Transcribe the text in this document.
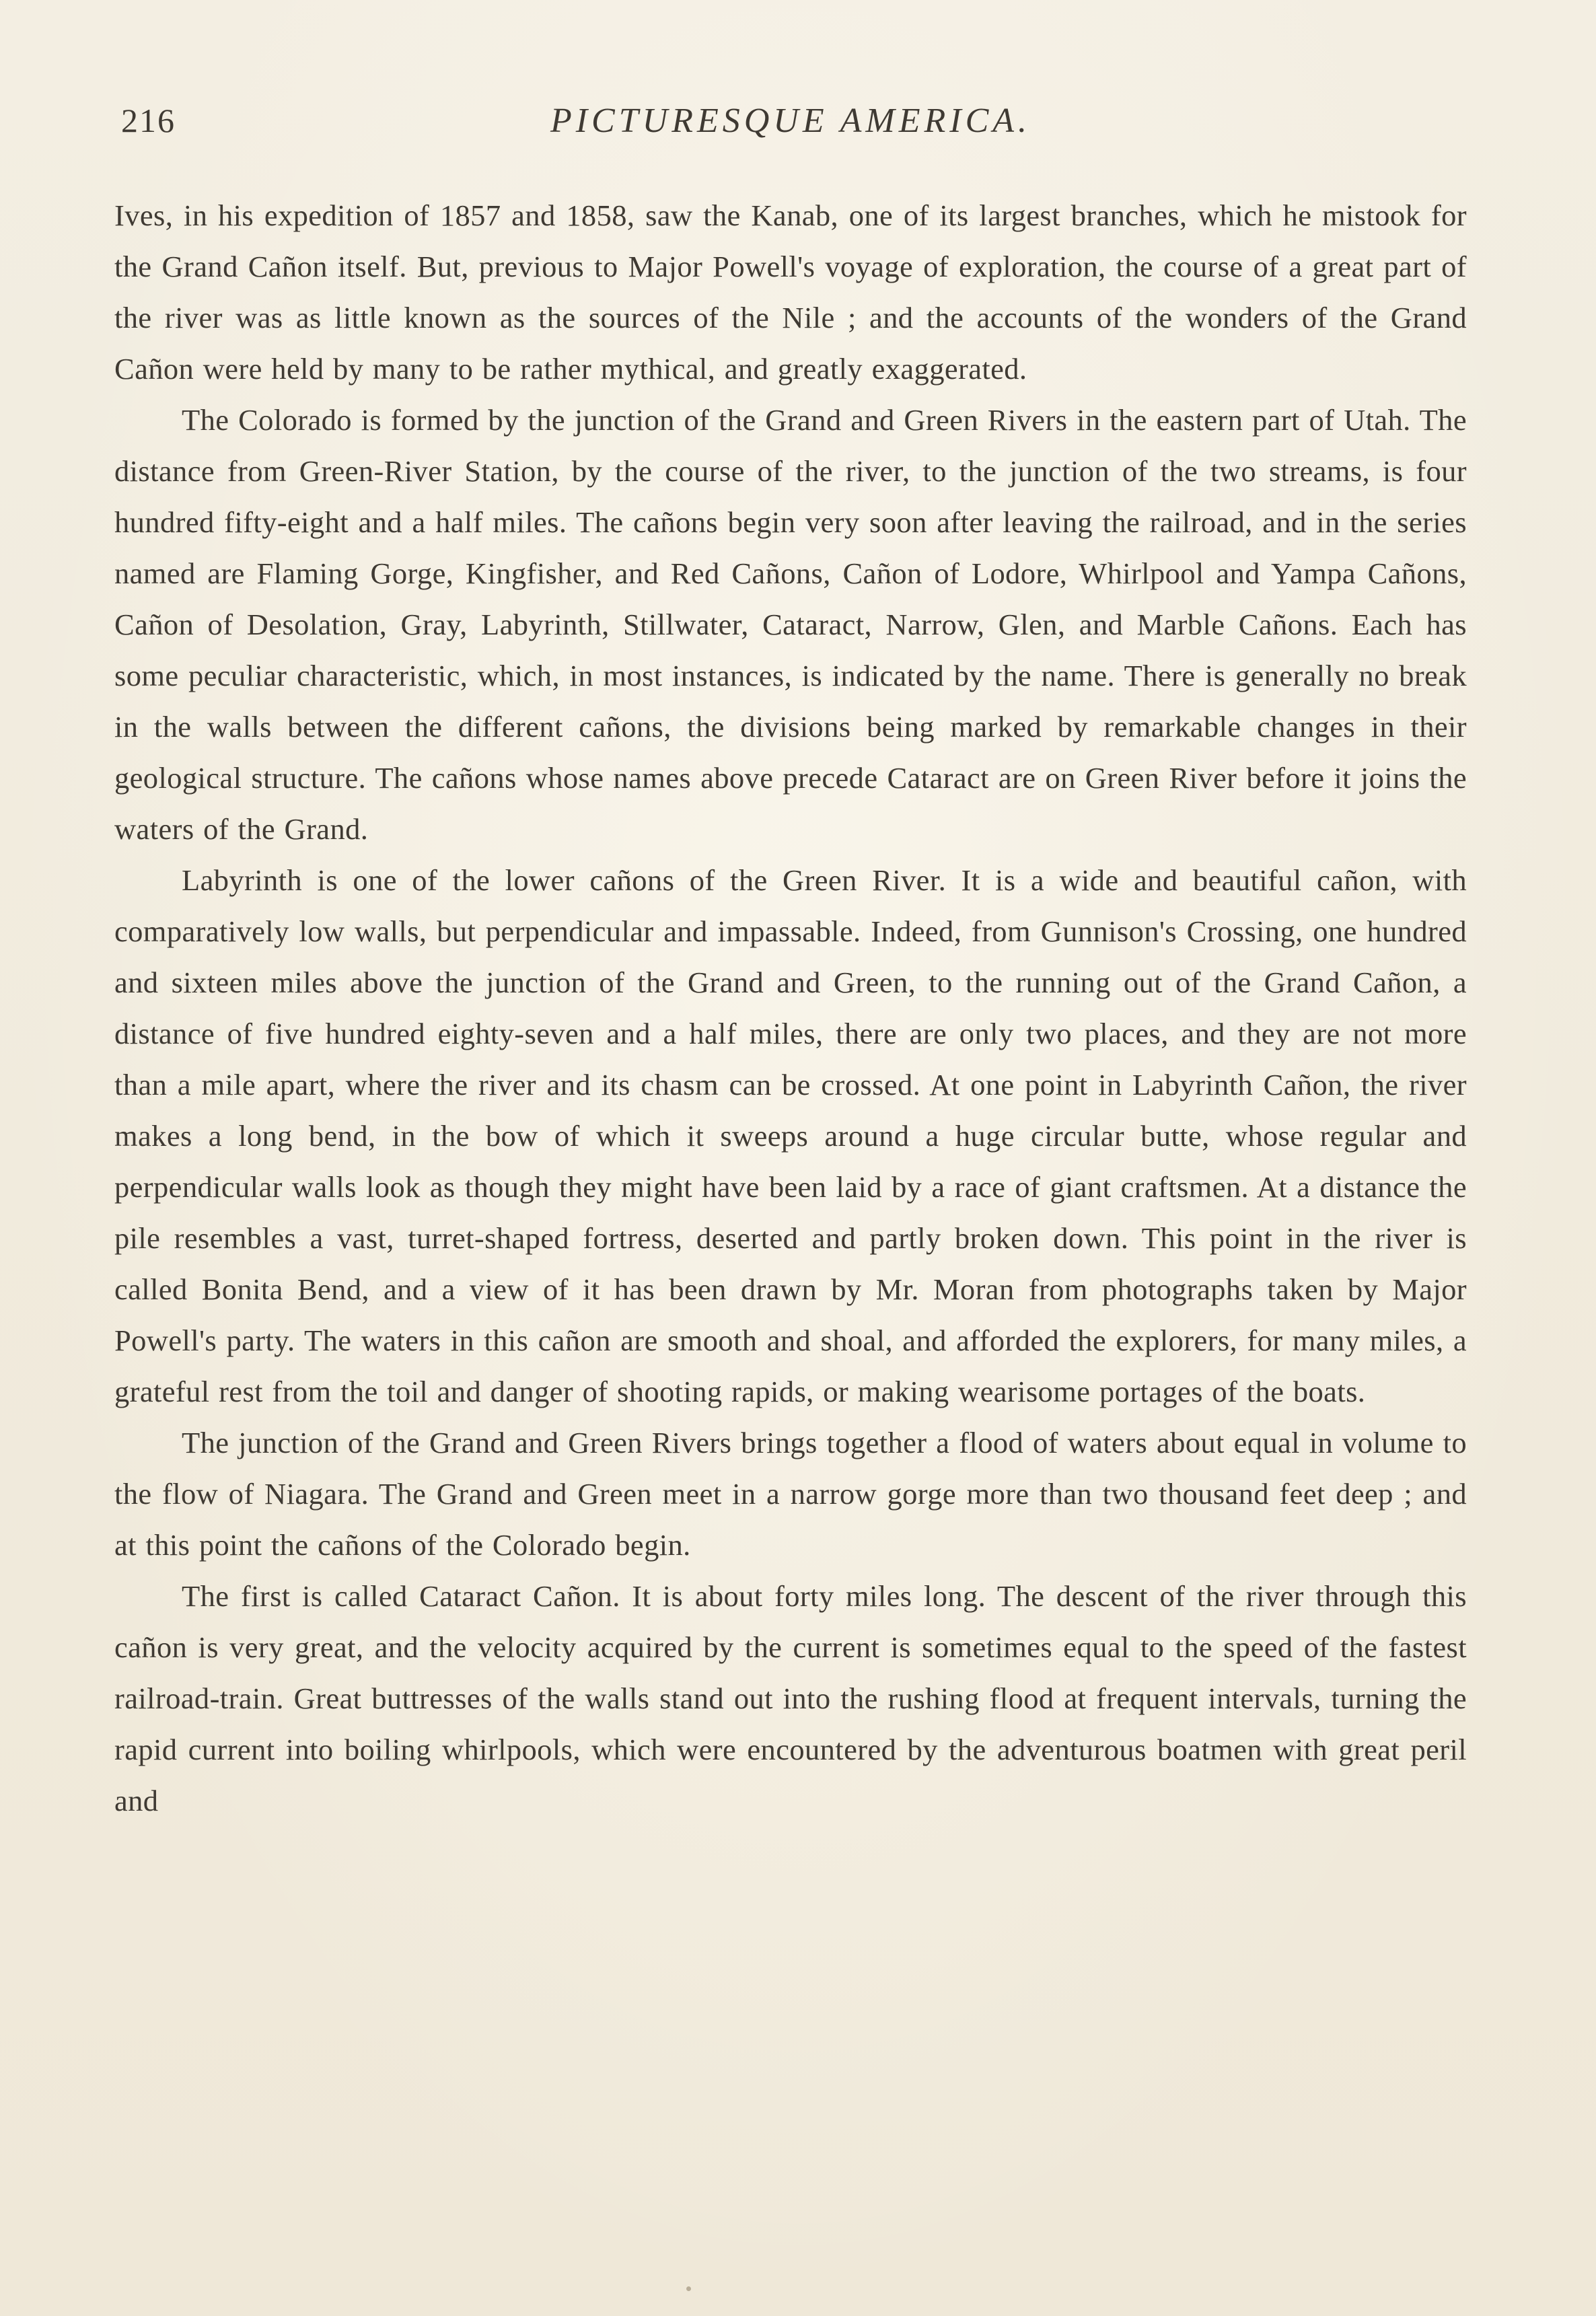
216	PICTURESQUE AMERICA.

Ives, in his expedition of 1857 and 1858, saw the Kanab, one of its largest branches, which he mistook for the Grand Cañon itself. But, previous to Major Powell's voyage of exploration, the course of a great part of the river was as little known as the sources of the Nile ; and the accounts of the wonders of the Grand Cañon were held by many to be rather mythical, and greatly exaggerated.

The Colorado is formed by the junction of the Grand and Green Rivers in the eastern part of Utah. The distance from Green-River Station, by the course of the river, to the junction of the two streams, is four hundred fifty-eight and a half miles. The cañons begin very soon after leaving the railroad, and in the series named are Flaming Gorge, Kingfisher, and Red Cañons, Cañon of Lodore, Whirlpool and Yampa Cañons, Cañon of Desolation, Gray, Labyrinth, Stillwater, Cataract, Narrow, Glen, and Marble Cañons. Each has some peculiar characteristic, which, in most instances, is indicated by the name. There is generally no break in the walls between the different cañons, the divisions being marked by remarkable changes in their geological structure. The cañons whose names above precede Cataract are on Green River before it joins the waters of the Grand.

Labyrinth is one of the lower cañons of the Green River. It is a wide and beautiful cañon, with comparatively low walls, but perpendicular and impassable. Indeed, from Gunnison's Crossing, one hundred and sixteen miles above the junction of the Grand and Green, to the running out of the Grand Cañon, a distance of five hundred eighty-seven and a half miles, there are only two places, and they are not more than a mile apart, where the river and its chasm can be crossed. At one point in Labyrinth Cañon, the river makes a long bend, in the bow of which it sweeps around a huge circular butte, whose regular and perpendicular walls look as though they might have been laid by a race of giant craftsmen. At a distance the pile resembles a vast, turret-shaped fortress, deserted and partly broken down. This point in the river is called Bonita Bend, and a view of it has been drawn by Mr. Moran from photographs taken by Major Powell's party. The waters in this cañon are smooth and shoal, and afforded the explorers, for many miles, a grateful rest from the toil and danger of shooting rapids, or making wearisome portages of the boats.

The junction of the Grand and Green Rivers brings together a flood of waters about equal in volume to the flow of Niagara. The Grand and Green meet in a narrow gorge more than two thousand feet deep ; and at this point the cañons of the Colorado begin.

The first is called Cataract Cañon. It is about forty miles long. The descent of the river through this cañon is very great, and the velocity acquired by the current is sometimes equal to the speed of the fastest railroad-train. Great buttresses of the walls stand out into the rushing flood at frequent intervals, turning the rapid current into boiling whirlpools, which were encountered by the adventurous boatmen with great peril and
